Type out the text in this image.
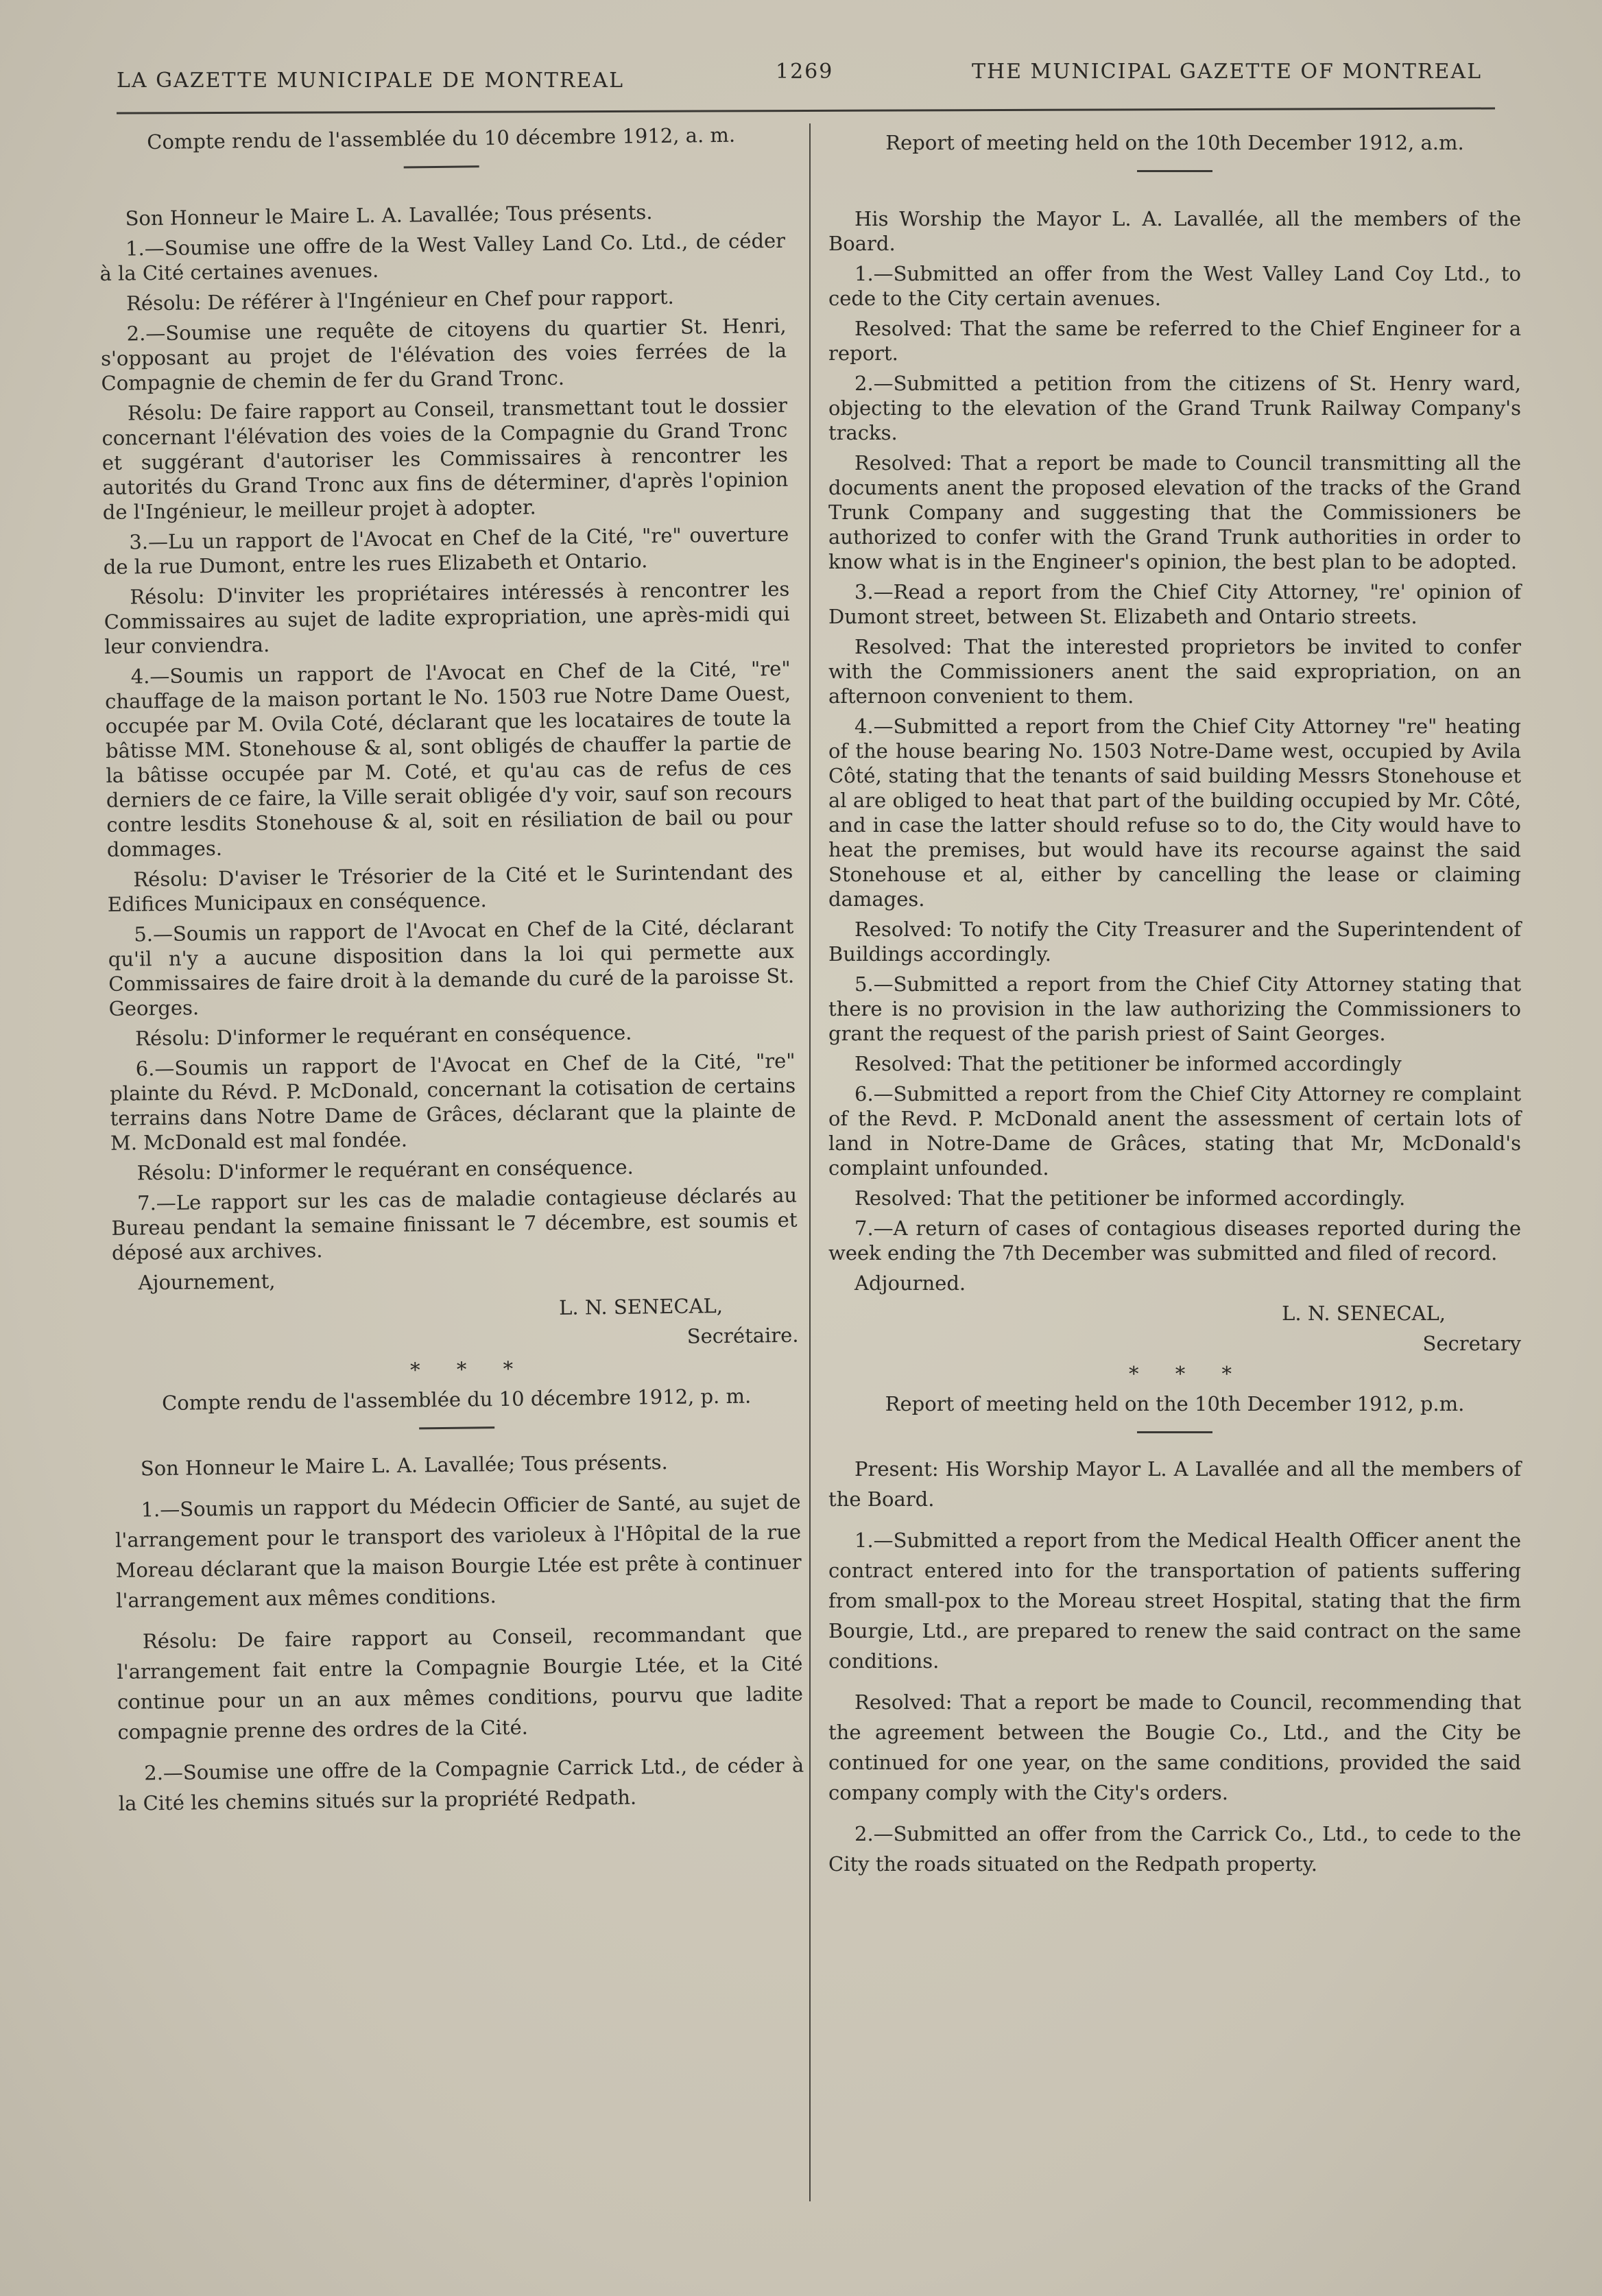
LA GAZETTE MUNICIPALE DE MONTREAL	1269	THE MUNICIPAL GAZETTE OF MONTREAL

Compte rendu de l'assemblée du 10 décembre 1912, a. m.

Son Honneur le Maire L. A. Lavallée; Tous présents.

1.—Soumise une offre de la West Valley Land Co. Ltd., de céder à la Cité certaines avenues.

Résolu: De référer à l'Ingénieur en Chef pour rapport.

2.—Soumise une requête de citoyens du quartier St. Henri, s'opposant au projet de l'élévation des voies ferrées de la Compagnie de chemin de fer du Grand Tronc.

Résolu: De faire rapport au Conseil, transmettant tout le dossier concernant l'élévation des voies de la Compagnie du Grand Tronc et suggérant d'autoriser les Commissaires à rencontrer les autorités du Grand Tronc aux fins de déterminer, d'après l'opinion de l'Ingénieur, le meilleur projet à adopter.

3.—Lu un rapport de l'Avocat en Chef de la Cité, "re" ouverture de la rue Dumont, entre les rues Elizabeth et Ontario.

Résolu: D'inviter les propriétaires intéressés à rencontrer les Commissaires au sujet de ladite expropriation, une après-midi qui leur conviendra.

4.—Soumis un rapport de l'Avocat en Chef de la Cité, "re" chauffage de la maison portant le No. 1503 rue Notre Dame Ouest, occupée par M. Ovila Coté, déclarant que les locataires de toute la bâtisse MM. Stonehouse & al, sont obligés de chauffer la partie de la bâtisse occupée par M. Coté, et qu'au cas de refus de ces derniers de ce faire, la Ville serait obligée d'y voir, sauf son recours contre lesdits Stonehouse & al, soit en résiliation de bail ou pour dommages.

Résolu: D'aviser le Trésorier de la Cité et le Surintendant des Edifices Municipaux en conséquence.

5.—Soumis un rapport de l'Avocat en Chef de la Cité, déclarant qu'il n'y a aucune disposition dans la loi qui permette aux Commissaires de faire droit à la demande du curé de la paroisse St. Georges.

Résolu: D'informer le requérant en conséquence.

6.—Soumis un rapport de l'Avocat en Chef de la Cité, "re" plainte du Révd. P. McDonald, concernant la cotisation de certains terrains dans Notre Dame de Grâces, déclarant que la plainte de M. McDonald est mal fondée.

Résolu: D'informer le requérant en conséquence.

7.—Le rapport sur les cas de maladie contagieuse déclarés au Bureau pendant la semaine finissant le 7 décembre, est soumis et déposé aux archives.

Ajournement,

L. N. SENECAL,

Secrétaire.

* * *

Compte rendu de l'assemblée du 10 décembre 1912, p. m.

Son Honneur le Maire L. A. Lavallée; Tous présents.

1.—Soumis un rapport du Médecin Officier de Santé, au sujet de l'arrangement pour le transport des varioleux à l'Hôpital de la rue Moreau déclarant que la maison Bourgie Ltée est prête à continuer l'arrangement aux mêmes conditions.

Résolu: De faire rapport au Conseil, recommandant que l'arrangement fait entre la Compagnie Bourgie Ltée, et la Cité continue pour un an aux mêmes conditions, pourvu que ladite compagnie prenne des ordres de la Cité.

2.—Soumise une offre de la Compagnie Carrick Ltd., de céder à la Cité les chemins situés sur la propriété Redpath.

Report of meeting held on the 10th December 1912, a.m.

His Worship the Mayor L. A. Lavallée, all the members of the Board.

1.—Submitted an offer from the West Valley Land Coy Ltd., to cede to the City certain avenues.

Resolved: That the same be referred to the Chief Engineer for a report.

2.—Submitted a petition from the citizens of St. Henry ward, objecting to the elevation of the Grand Trunk Railway Company's tracks.

Resolved: That a report be made to Council transmitting all the documents anent the proposed elevation of the tracks of the Grand Trunk Company and suggesting that the Commissioners be authorized to confer with the Grand Trunk authorities in order to know what is in the Engineer's opinion, the best plan to be adopted.

3.—Read a report from the Chief City Attorney, "re' opinion of Dumont street, between St. Elizabeth and Ontario streets.

Resolved: That the interested proprietors be invited to confer with the Commissioners anent the said expropriation, on an afternoon convenient to them.

4.—Submitted a report from the Chief City Attorney "re" heating of the house bearing No. 1503 Notre-Dame west, occupied by Avila Côté, stating that the tenants of said building Messrs Stonehouse et al are obliged to heat that part of the building occupied by Mr. Côté, and in case the latter should refuse so to do, the City would have to heat the premises, but would have its recourse against the said Stonehouse et al, either by cancelling the lease or claiming damages.

Resolved: To notify the City Treasurer and the Superintendent of Buildings accordingly.

5.—Submitted a report from the Chief City Attorney stating that there is no provision in the law authorizing the Commissioners to grant the request of the parish priest of Saint Georges.

Resolved: That the petitioner be informed accordingly

6.—Submitted a report from the Chief City Attorney re complaint of the Revd. P. McDonald anent the assessment of certain lots of land in Notre-Dame de Grâces, stating that Mr, McDonald's complaint unfounded.

Resolved: That the petitioner be informed accordingly.

7.—A return of cases of contagious diseases reported during the week ending the 7th December was submitted and filed of record.

Adjourned.

L. N. SENECAL,

Secretary

* * *

Report of meeting held on the 10th December 1912, p.m.

Present: His Worship Mayor L. A Lavallée and all the members of the Board.

1.—Submitted a report from the Medical Health Officer anent the contract entered into for the transportation of patients suffering from small-pox to the Moreau street Hospital, stating that the firm Bourgie, Ltd., are prepared to renew the said contract on the same conditions.

Resolved: That a report be made to Council, recommending that the agreement between the Bougie Co., Ltd., and the City be continued for one year, on the same conditions, provided the said company comply with the City's orders.

2.—Submitted an offer from the Carrick Co., Ltd., to cede to the City the roads situated on the Redpath property.
